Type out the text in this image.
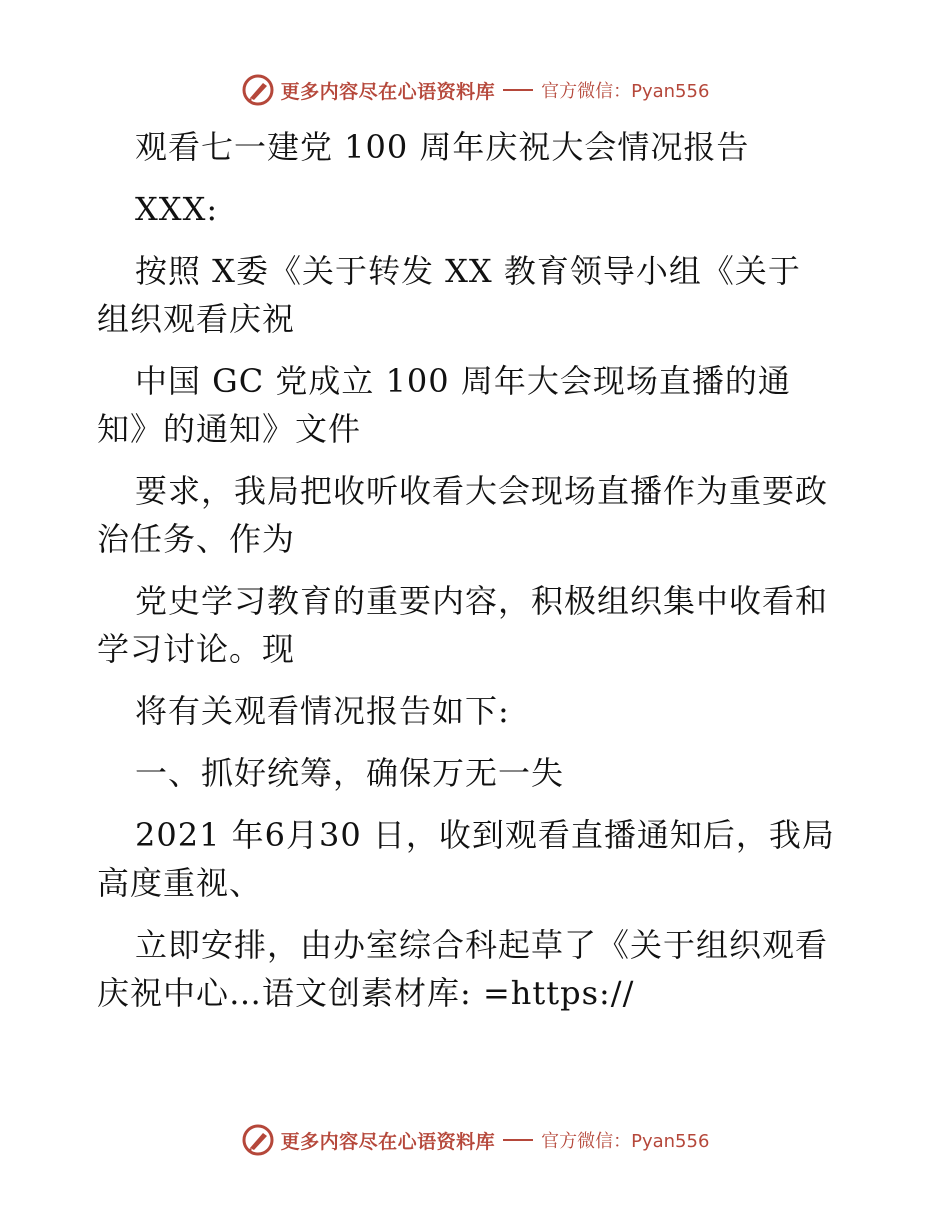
更多内容尽在心语资料库	官方微信：Pyan556
观看七一建党 100 周年庆祝大会情况报告
XXX:
按照 X委《关于转发 XX 教育领导小组《关于
组织观看庆祝
中国 GC 党成立 100 周年大会现场直播的通
知》的通知》文件
要求，我局把收听收看大会现场直播作为重要政
治任务、作为
党史学习教育的重要内容，积极组织集中收看和
学习讨论。现
将有关观看情况报告如下:
一、抓好统筹，确保万无一失
2021 年6月30 日，收到观看直播通知后，我局
高度重视、
立即安排，由办室综合科起草了《关于组织观看
庆祝中心…语文创素材库: =https://
更多内容尽在心语资料库	官方微信：Pyan556
